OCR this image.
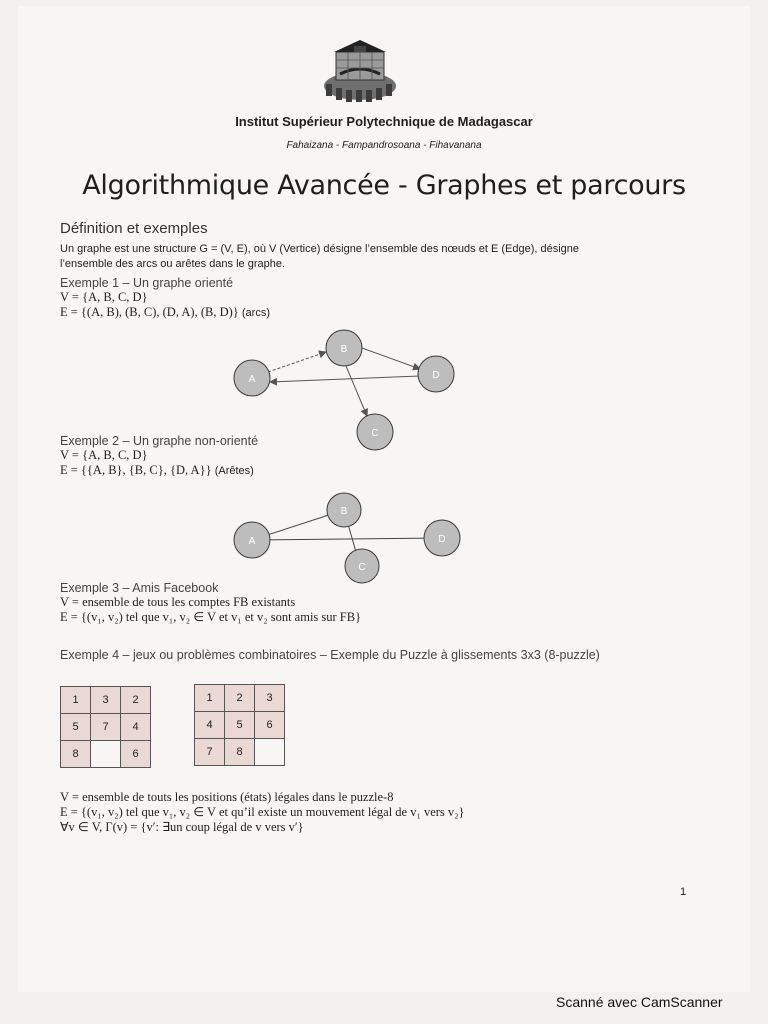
Institut Supérieur Polytechnique de Madagascar
Fahaizana - Fampandrosoana - Fihavanana
Algorithmique Avancée - Graphes et parcours
Définition et exemples
Un graphe est une structure G = (V, E), où V (Vertice) désigne l’ensemble des nœuds et E (Edge), désigne
l’ensemble des arcs ou arêtes dans le graphe.
Exemple 1 – Un graphe orienté
V = {A, B, C, D}
E = {(A, B), (B, C), (D, A), (B, D)} (arcs)
A
B
C
D
Exemple 2 – Un graphe non-orienté
V = {A, B, C, D}
E = {{A, B}, {B, C}, {D, A}} (Arêtes)
A
B
C
D
Exemple 3 – Amis Facebook
V = ensemble de tous les comptes FB existants
E = {(v₁, v₂) tel que v₁, v₂ ∈ V et v₁ et v₂ sont amis sur FB}
Exemple 4 – jeux ou problèmes combinatoires – Exemple du Puzzle à glissements 3x3 (8-puzzle)
1	3	2
5	7	4
8		6
1	2	3
4	5	6
7	8	
V = ensemble de touts les positions (états) légales dans le puzzle-8
E = {(v₁, v₂) tel que v₁, v₂ ∈ V et qu’il existe un mouvement légal de v₁ vers v₂}
∀v ∈ V, Γ(v) = {v′: ∃un coup légal de v vers v′}
1
Scanné avec CamScanner
